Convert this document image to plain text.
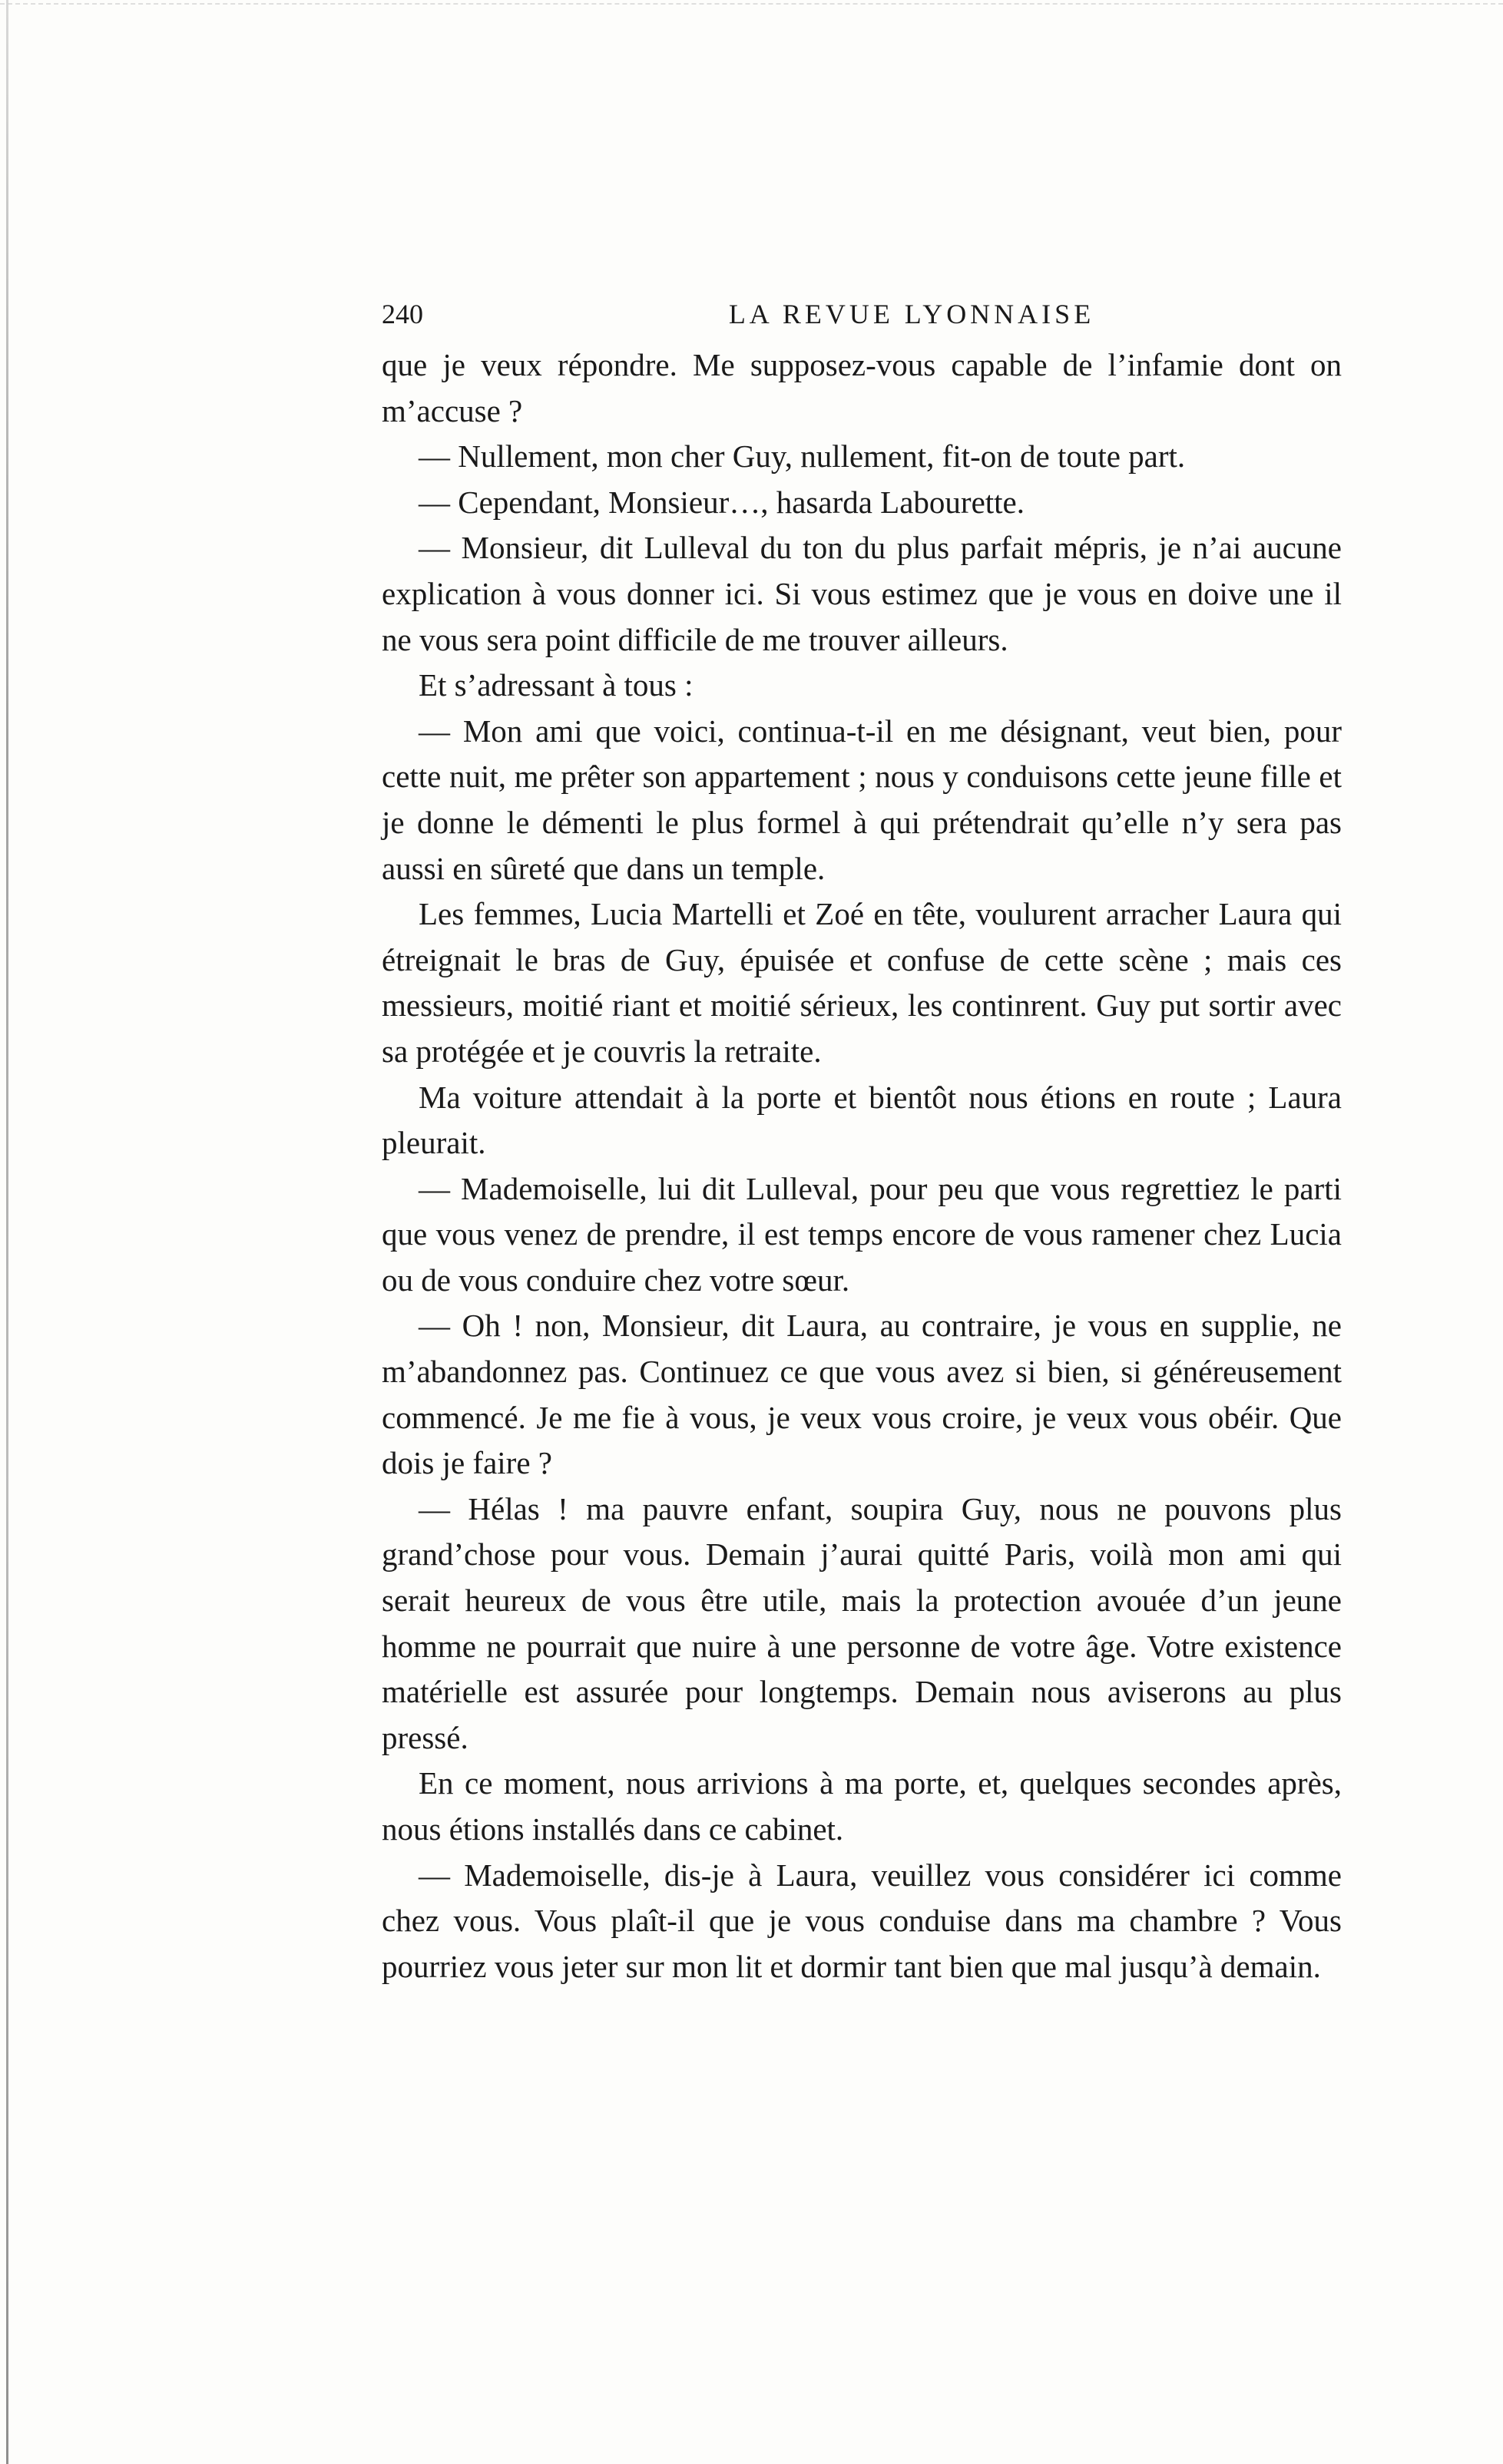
240	LA REVUE LYONNAISE

que je veux répondre. Me supposez-vous capable de l’infamie dont on m’accuse ?

— Nullement, mon cher Guy, nullement, fit-on de toute part.

— Cependant, Monsieur…, hasarda Labourette.

— Monsieur, dit Lulleval du ton du plus parfait mépris, je n’ai aucune explication à vous donner ici. Si vous estimez que je vous en doive une il ne vous sera point difficile de me trouver ailleurs.

Et s’adressant à tous :

— Mon ami que voici, continua-t-il en me désignant, veut bien, pour cette nuit, me prêter son appartement ; nous y conduisons cette jeune fille et je donne le démenti le plus formel à qui prétendrait qu’elle n’y sera pas aussi en sûreté que dans un temple.

Les femmes, Lucia Martelli et Zoé en tête, voulurent arracher Laura qui étreignait le bras de Guy, épuisée et confuse de cette scène ; mais ces messieurs, moitié riant et moitié sérieux, les continrent. Guy put sortir avec sa protégée et je couvris la retraite.

Ma voiture attendait à la porte et bientôt nous étions en route ; Laura pleurait.

— Mademoiselle, lui dit Lulleval, pour peu que vous regrettiez le parti que vous venez de prendre, il est temps encore de vous ramener chez Lucia ou de vous conduire chez votre sœur.

— Oh ! non, Monsieur, dit Laura, au contraire, je vous en supplie, ne m’abandonnez pas. Continuez ce que vous avez si bien, si généreusement commencé. Je me fie à vous, je veux vous croire, je veux vous obéir. Que dois je faire ?

— Hélas ! ma pauvre enfant, soupira Guy, nous ne pouvons plus grand’chose pour vous. Demain j’aurai quitté Paris, voilà mon ami qui serait heureux de vous être utile, mais la protection avouée d’un jeune homme ne pourrait que nuire à une personne de votre âge. Votre existence matérielle est assurée pour longtemps. Demain nous aviserons au plus pressé.

En ce moment, nous arrivions à ma porte, et, quelques secondes après, nous étions installés dans ce cabinet.

— Mademoiselle, dis-je à Laura, veuillez vous considérer ici comme chez vous. Vous plaît-il que je vous conduise dans ma chambre ? Vous pourriez vous jeter sur mon lit et dormir tant bien que mal jusqu’à demain.
